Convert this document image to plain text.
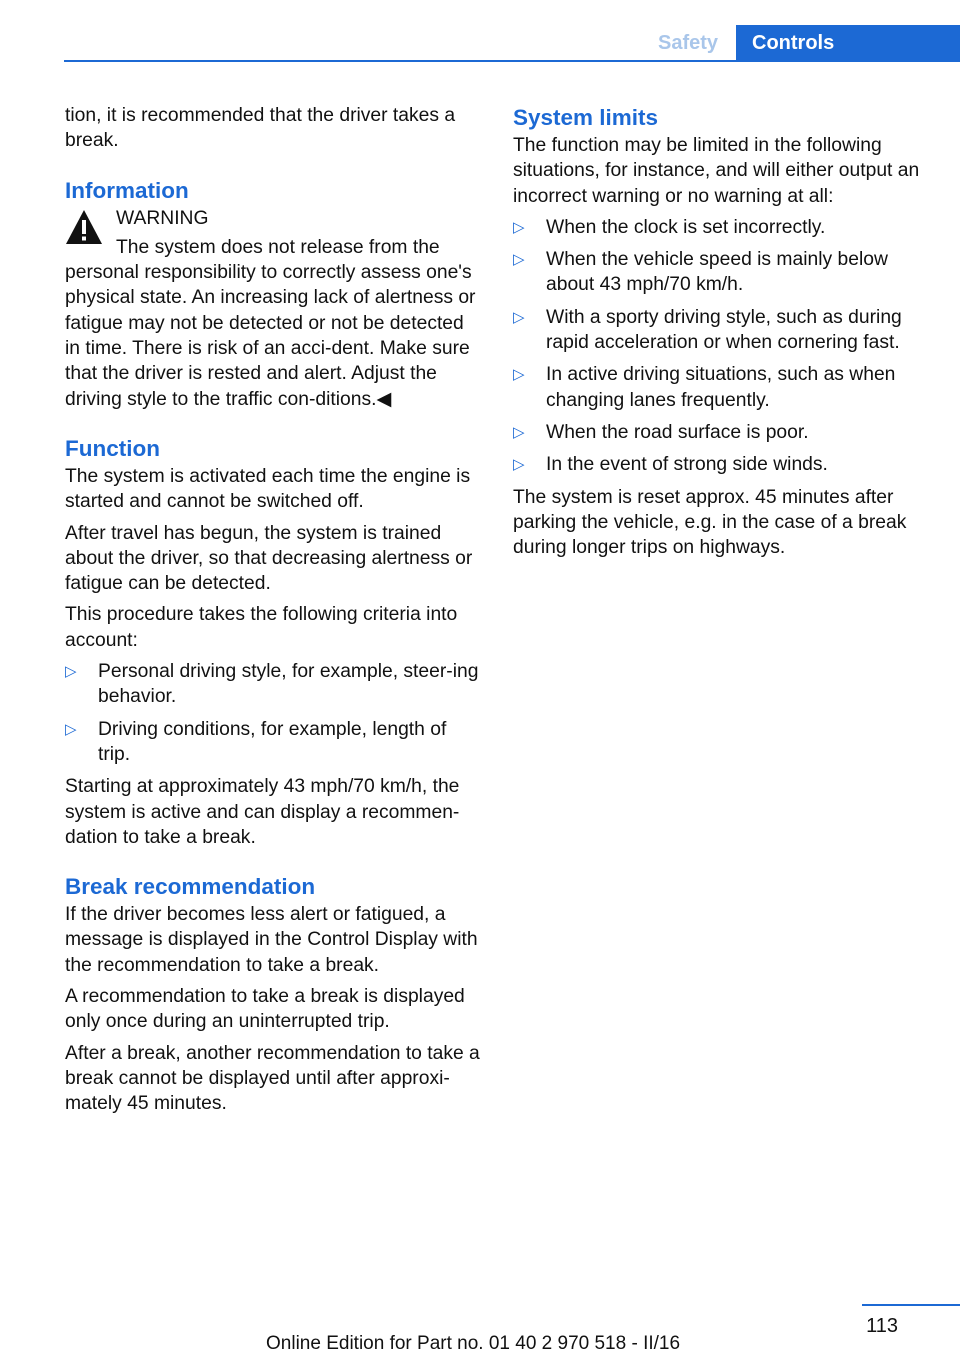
Safety	Controls

tion, it is recommended that the driver takes a break.

Information
WARNING

The system does not release from the personal responsibility to correctly assess one's physical state. An increasing lack of alertness or fatigue may not be detected or not be detected in time. There is risk of an acci‐dent. Make sure that the driver is rested and alert. Adjust the driving style to the traffic con‐ditions.◀

Function

The system is activated each time the engine is started and cannot be switched off.

After travel has begun, the system is trained about the driver, so that decreasing alertness or fatigue can be detected.

This procedure takes the following criteria into account:

▷ Personal driving style, for example, steer‐ing behavior.
▷ Driving conditions, for example, length of trip.

Starting at approximately 43 mph/70 km/h, the system is active and can display a recommen‐dation to take a break.

Break recommendation

If the driver becomes less alert or fatigued, a message is displayed in the Control Display with the recommendation to take a break.

A recommendation to take a break is displayed only once during an uninterrupted trip.

After a break, another recommendation to take a break cannot be displayed until after approxi‐mately 45 minutes.

System limits

The function may be limited in the following situations, for instance, and will either output an incorrect warning or no warning at all:

▷ When the clock is set incorrectly.
▷ When the vehicle speed is mainly below about 43 mph/70 km/h.
▷ With a sporty driving style, such as during rapid acceleration or when cornering fast.
▷ In active driving situations, such as when changing lanes frequently.
▷ When the road surface is poor.
▷ In the event of strong side winds.

The system is reset approx. 45 minutes after parking the vehicle, e.g. in the case of a break during longer trips on highways.

113
Online Edition for Part no. 01 40 2 970 518 - II/16
